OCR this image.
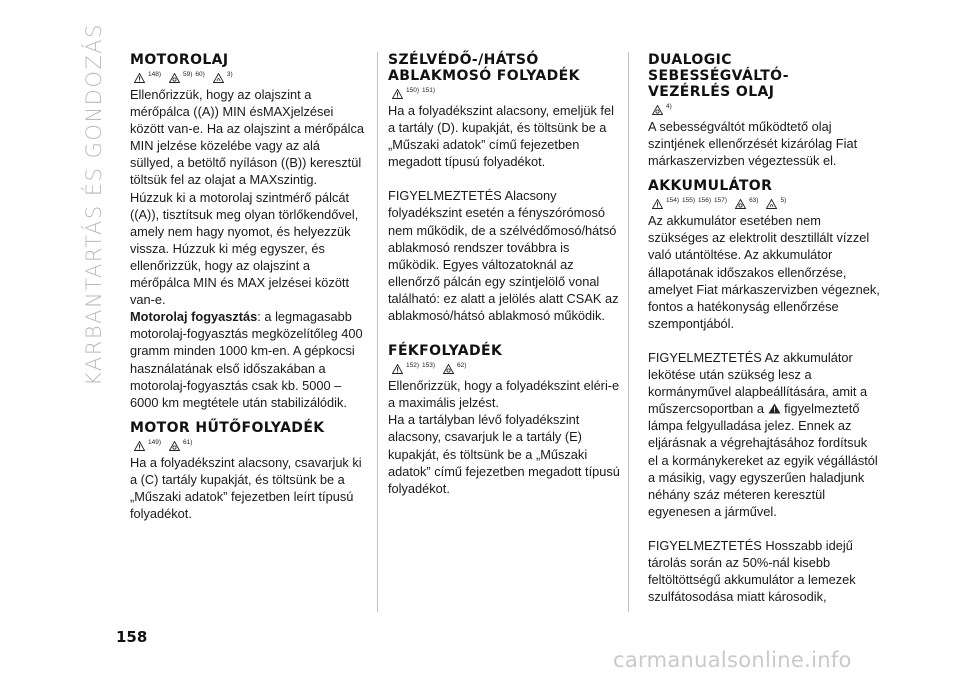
KARBANTARTÁS ÉS GONDOZÁS MOTOROLAJ
148)	59) 60)	3)

Ellenőrizzük, hogy az olajszint a mérőpálca ((A)) MIN ésMAXjelzései között van-e. Ha az olajszint a mérőpálca MIN jelzése közelébe vagy az alá süllyed, a betöltő nyíláson ((B)) keresztül töltsük fel az olajat a MAXszintig.

Húzzuk ki a motorolaj szintmérő pálcát ((A)), tisztítsuk meg olyan törlőkendővel, amely nem hagy nyomot, és helyezzük vissza. Húzzuk ki még egyszer, és ellenőrizzük, hogy az olajszint a mérőpálca MIN és MAX jelzései között van-e.

Motorolaj fogyasztás: a legmagasabb motorolaj-fogyasztás megközelítőleg 400 gramm minden 1000 km-en. A gépkocsi használatának első időszakában a motorolaj-fogyasztás csak kb. 5000 – 6000 km megtétele után stabilizálódik.

MOTOR HŰTŐFOLYADÉK
149)	61)

Ha a folyadékszint alacsony, csavarjuk ki a (C) tartály kupakját, és töltsünk be a „Műszaki adatok” fejezetben leírt típusú folyadékot.

SZÉLVÉDŐ-/HÁTSÓ
ABLAKMOSÓ FOLYADÉK
150) 151)

Ha a folyadékszint alacsony, emeljük fel a tartály (D). kupakját, és töltsünk be a „Műszaki adatok” című fejezetben megadott típusú folyadékot.

FIGYELMEZTETÉS Alacsony folyadékszint esetén a fényszórómosó nem működik, de a szélvédőmosó/hátsó ablakmosó rendszer továbbra is működik. Egyes változatoknál az ellenőrző pálcán egy szintjelölő vonal található: ez alatt a jelölés alatt CSAK az ablakmosó/hátsó ablakmosó működik.

FÉKFOLYADÉK
152) 153)	62)

Ellenőrizzük, hogy a folyadékszint eléri-e a maximális jelzést.

Ha a tartályban lévő folyadékszint alacsony, csavarjuk le a tartály (E) kupakját, és töltsünk be a „Műszaki adatok” című fejezetben megadott típusú folyadékot.

DUALOGIC
SEBESSÉGVÁLTÓ-
VEZÉRLÉS OLAJ
4)

A sebességváltót működtető olaj szintjének ellenőrzését kizárólag Fiat márkaszervizben végeztessük el.

AKKUMULÁTOR
154) 155) 156) 157)	63)	5)

Az akkumulátor esetében nem szükséges az elektrolit desztillált vízzel való utántöltése. Az akkumulátor állapotának időszakos ellenőrzése, amelyet Fiat márkaszervizben végeznek, fontos a hatékonyság ellenőrzése szempontjából.

FIGYELMEZTETÉS Az akkumulátor lekötése után szükség lesz a kormányművel alapbeállítására, amit a műszercsoportban a  figyelmeztető lámpa felgyulladása jelez. Ennek az eljárásnak a végrehajtásához fordítsuk el a kormánykereket az egyik végállástól a másikig, vagy egyszerűen haladjunk néhány száz méteren keresztül egyenesen a járművel.

FIGYELMEZTETÉS Hosszabb idejű tárolás során az 50%-nál kisebb feltöltöttségű akkumulátor a lemezek szulfátosodása miatt károsodik,

158
carmanualsonline.info
